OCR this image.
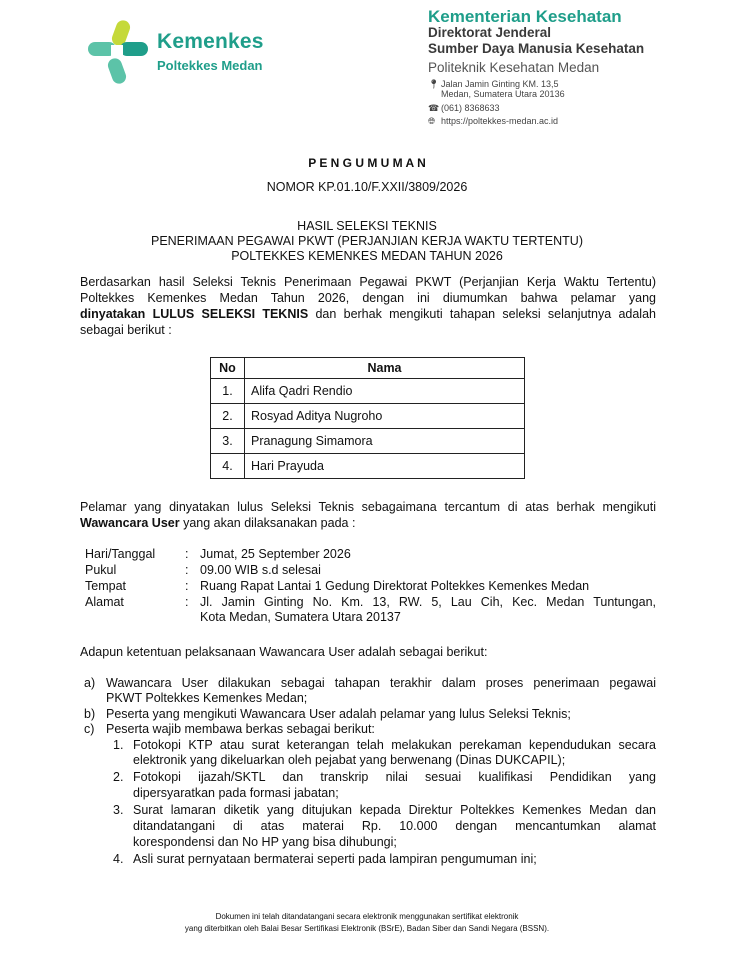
Kemenkes
Poltekkes Medan
Kementerian Kesehatan
Direktorat Jenderal
Sumber Daya Manusia Kesehatan
Politeknik Kesehatan Medan
📍︎ Jalan Jamin Ginting KM. 13,5
Medan, Sumatera Utara 20136
☎ (061) 8368633
🌐︎ https://poltekkes-medan.ac.id
P E N G U M U M A N
NOMOR KP.01.10/F.XXII/3809/2026
HASIL SELEKSI TEKNIS
PENERIMAAN PEGAWAI PKWT (PERJANJIAN KERJA WAKTU TERTENTU)
POLTEKKES KEMENKES MEDAN TAHUN 2026
Berdasarkan hasil Seleksi Teknis Penerimaan Pegawai PKWT (Perjanjian Kerja Waktu Tertentu)
Poltekkes Kemenkes Medan Tahun 2026, dengan ini diumumkan bahwa pelamar yang
dinyatakan LULUS SELEKSI TEKNIS dan berhak mengikuti tahapan seleksi selanjutnya adalah
sebagai berikut :
No	Nama
1.	Alifa Qadri Rendio
2.	Rosyad Aditya Nugroho
3.	Pranagung Simamora
4.	Hari Prayuda
Pelamar yang dinyatakan lulus Seleksi Teknis sebagaimana tercantum di atas berhak mengikuti
Wawancara User yang akan dilaksanakan pada :
Hari/Tanggal	: Jumat, 25 September 2026
Pukul	: 09.00 WIB s.d selesai
Tempat	: Ruang Rapat Lantai 1 Gedung Direktorat Poltekkes Kemenkes Medan
Alamat	: Jl. Jamin Ginting No. Km. 13, RW. 5, Lau Cih, Kec. Medan Tuntungan,
Kota Medan, Sumatera Utara 20137
Adapun ketentuan pelaksanaan Wawancara User adalah sebagai berikut:
a) Wawancara User dilakukan sebagai tahapan terakhir dalam proses penerimaan pegawai
PKWT Poltekkes Kemenkes Medan;
b) Peserta yang mengikuti Wawancara User adalah pelamar yang lulus Seleksi Teknis;
c) Peserta wajib membawa berkas sebagai berikut:
1. Fotokopi KTP atau surat keterangan telah melakukan perekaman kependudukan secara
elektronik yang dikeluarkan oleh pejabat yang berwenang (Dinas DUKCAPIL);
2. Fotokopi ijazah/SKTL dan transkrip nilai sesuai kualifikasi Pendidikan yang
dipersyaratkan pada formasi jabatan;
3. Surat lamaran diketik yang ditujukan kepada Direktur Poltekkes Kemenkes Medan dan
ditandatangani di atas materai Rp. 10.000 dengan mencantumkan alamat
korespondensi dan No HP yang bisa dihubungi;
4. Asli surat pernyataan bermaterai seperti pada lampiran pengumuman ini;
Dokumen ini telah ditandatangani secara elektronik menggunakan sertifikat elektronik
yang diterbitkan oleh Balai Besar Sertifikasi Elektronik (BSrE), Badan Siber dan Sandi Negara (BSSN).
